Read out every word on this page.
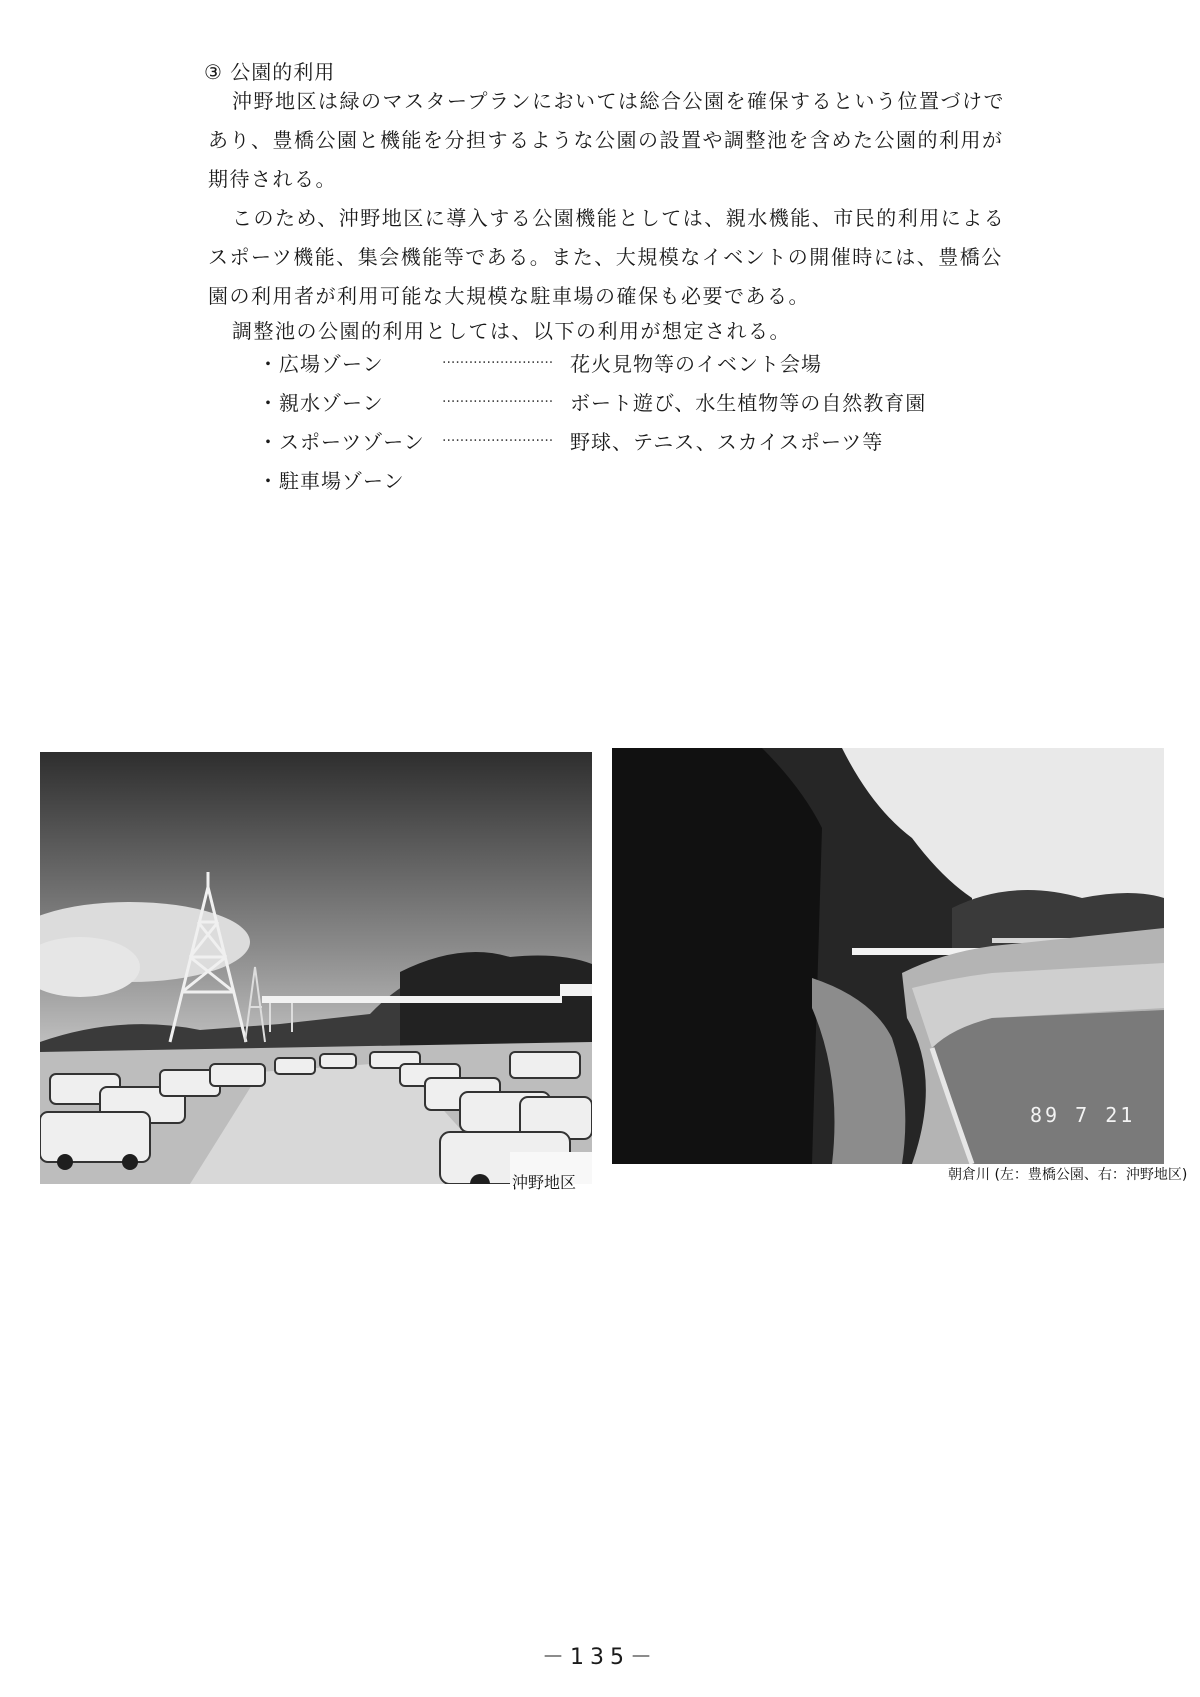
③ 公園的利用

沖野地区は緑のマスタープランにおいては総合公園を確保するという位置づけであり、豊橋公園と機能を分担するような公園の設置や調整池を含めた公園的利用が期待される。

このため、沖野地区に導入する公園機能としては、親水機能、市民的利用によるスポーツ機能、集会機能等である。また、大規模なイベントの開催時には、豊橋公園の利用者が利用可能な大規模な駐車場の確保も必要である。

調整池の公園的利用としては、以下の利用が想定される。

・広場ゾーン	························· 花火見物等のイベント会場
・親水ゾーン	························· ボート遊び、水生植物等の自然教育園
・スポーツゾーン ························· 野球、テニス、スカイスポーツ等
・駐車場ゾーン
沖野地区
89 7 21
朝倉川 (左：豊橋公園、右：沖野地区)
－135－
